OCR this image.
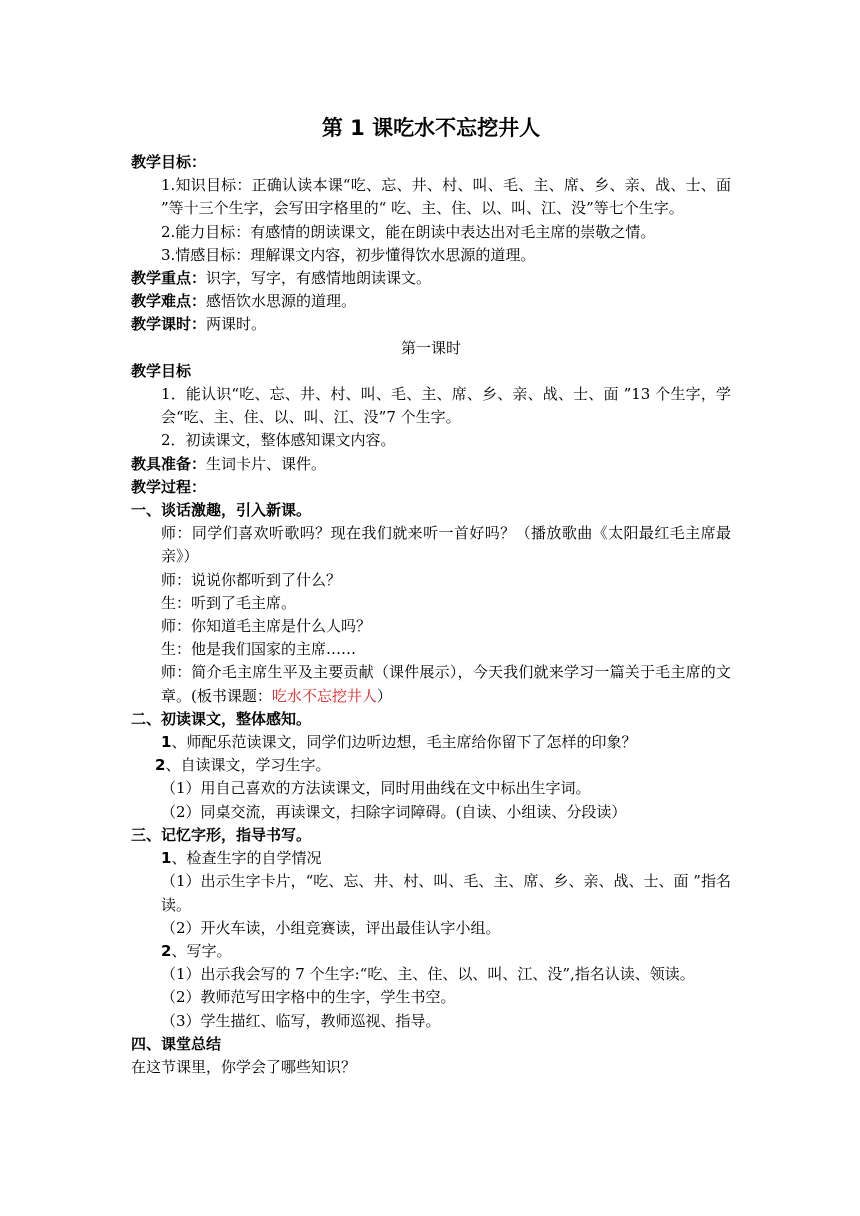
第 1 课吃水不忘挖井人
教学目标：
1.知识目标：正确认读本课“吃、忘、井、村、叫、毛、主、席、乡、亲、战、士、面 ”等十三个生字，会写田字格里的“ 吃、主、住、以、叫、江、没”等七个生字。
2.能力目标：有感情的朗读课文，能在朗读中表达出对毛主席的崇敬之情。
3.情感目标：理解课文内容，初步懂得饮水思源的道理。
教学重点：识字，写字，有感情地朗读课文。
教学难点：感悟饮水思源的道理。
教学课时：两课时。
第一课时
教学目标
1．能认识“吃、忘、井、村、叫、毛、主、席、乡、亲、战、士、面 ”13 个生字，学会“吃、主、住、以、叫、江、没”7 个生字。
2．初读课文，整体感知课文内容。
教具准备：生词卡片、课件。
教学过程：
一、谈话激趣，引入新课。
师：同学们喜欢听歌吗？现在我们就来听一首好吗？（播放歌曲《太阳最红毛主席最亲》）
师：说说你都听到了什么？
生：听到了毛主席。
师：你知道毛主席是什么人吗？
生：他是我们国家的主席……
师：简介毛主席生平及主要贡献（课件展示），今天我们就来学习一篇关于毛主席的文章。(板书课题：吃水不忘挖井人）
二、初读课文，整体感知。
1、师配乐范读课文，同学们边听边想，毛主席给你留下了怎样的印象？
2、自读课文，学习生字。
（1）用自己喜欢的方法读课文，同时用曲线在文中标出生字词。
（2）同桌交流，再读课文，扫除字词障碍。(自读、小组读、分段读）
三、记忆字形，指导书写。
1、检查生字的自学情况
（1）出示生字卡片，“吃、忘、井、村、叫、毛、主、席、乡、亲、战、士、面 ”指名读。
（2）开火车读，小组竞赛读，评出最佳认字小组。
2、写字。
（1）出示我会写的 7 个生字:“吃、主、住、以、叫、江、没”,指名认读、领读。
（2）教师范写田字格中的生字，学生书空。
（3）学生描红、临写，教师巡视、指导。
四、课堂总结
在这节课里，你学会了哪些知识？
